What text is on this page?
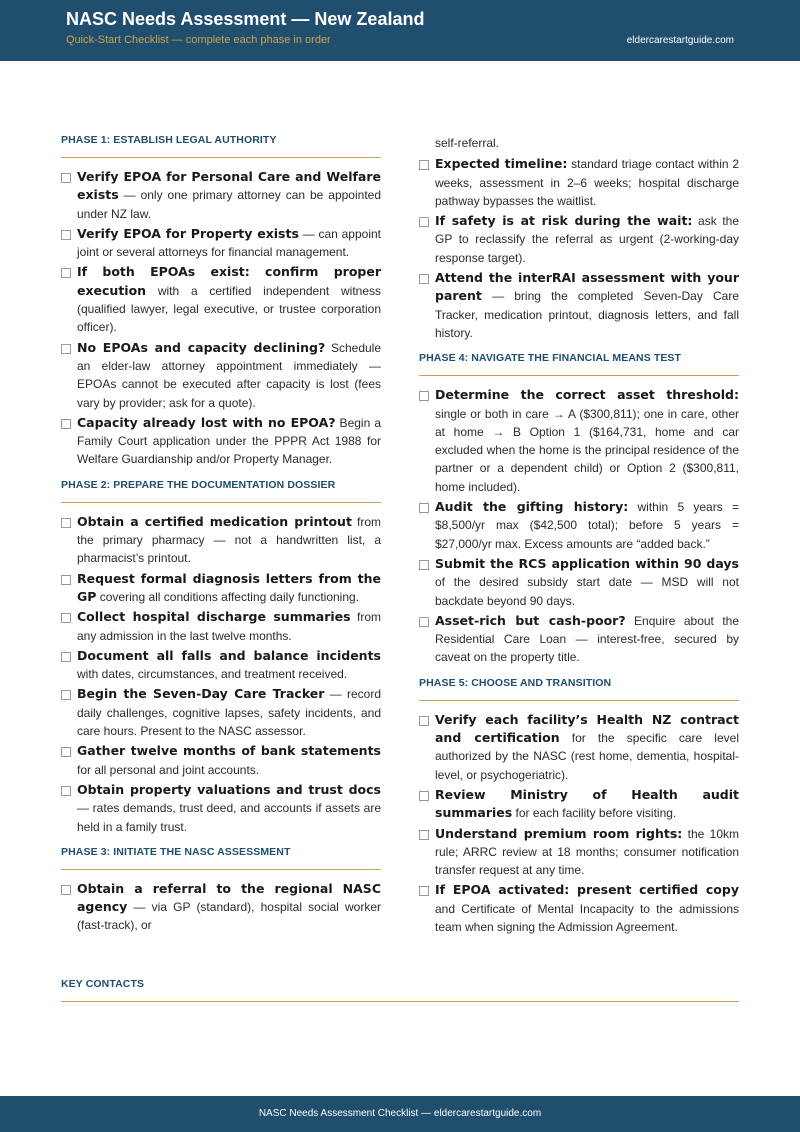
NASC Needs Assessment — New Zealand
Quick-Start Checklist — complete each phase in order	eldercarestartguide.com
PHASE 1: ESTABLISH LEGAL AUTHORITY
Verify EPOA for Personal Care and Welfare exists — only one primary attorney can be appointed under NZ law.
Verify EPOA for Property exists — can appoint joint or several attorneys for financial management.
If both EPOAs exist: confirm proper execution with a certified independent witness (qualified lawyer, legal executive, or trustee corporation officer).
No EPOAs and capacity declining? Schedule an elder-law attorney appointment immediately — EPOAs cannot be executed after capacity is lost (fees vary by provider; ask for a quote).
Capacity already lost with no EPOA? Begin a Family Court application under the PPPR Act 1988 for Welfare Guardianship and/or Property Manager.
PHASE 2: PREPARE THE DOCUMENTATION DOSSIER
Obtain a certified medication printout from the primary pharmacy — not a handwritten list, a pharmacist’s printout.
Request formal diagnosis letters from the GP covering all conditions affecting daily functioning.
Collect hospital discharge summaries from any admission in the last twelve months.
Document all falls and balance incidents with dates, circumstances, and treatment received.
Begin the Seven-Day Care Tracker — record daily challenges, cognitive lapses, safety incidents, and care hours. Present to the NASC assessor.
Gather twelve months of bank statements for all personal and joint accounts.
Obtain property valuations and trust docs — rates demands, trust deed, and accounts if assets are held in a family trust.
PHASE 3: INITIATE THE NASC ASSESSMENT
Obtain a referral to the regional NASC agency — via GP (standard), hospital social worker (fast-track), or
self-referral.
Expected timeline: standard triage contact within 2 weeks, assessment in 2–6 weeks; hospital discharge pathway bypasses the waitlist.
If safety is at risk during the wait: ask the GP to reclassify the referral as urgent (2-working-day response target).
Attend the interRAI assessment with your parent — bring the completed Seven-Day Care Tracker, medication printout, diagnosis letters, and fall history.
PHASE 4: NAVIGATE THE FINANCIAL MEANS TEST
Determine the correct asset threshold: single or both in care → A ($300,811); one in care, other at home → B Option 1 ($164,731, home and car excluded when the home is the principal residence of the partner or a dependent child) or Option 2 ($300,811, home included).
Audit the gifting history: within 5 years = $8,500/yr max ($42,500 total); before 5 years = $27,000/yr max. Excess amounts are “added back.”
Submit the RCS application within 90 days of the desired subsidy start date — MSD will not backdate beyond 90 days.
Asset-rich but cash-poor? Enquire about the Residential Care Loan — interest-free, secured by caveat on the property title.
PHASE 5: CHOOSE AND TRANSITION
Verify each facility’s Health NZ contract and certification for the specific care level authorized by the NASC (rest home, dementia, hospital-level, or psychogeriatric).
Review Ministry of Health audit summaries for each facility before visiting.
Understand premium room rights: the 10km rule; ARRC review at 18 months; consumer notification transfer request at any time.
If EPOA activated: present certified copy and Certificate of Mental Incapacity to the admissions team when signing the Admission Agreement.
KEY CONTACTS
NASC Needs Assessment Checklist — eldercarestartguide.com
